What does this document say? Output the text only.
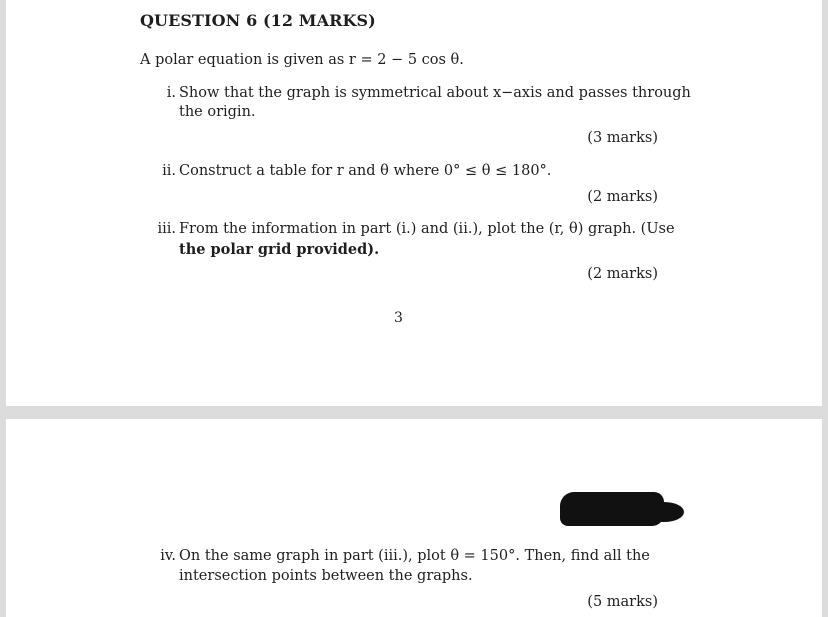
QUESTION 6 (12 MARKS)
A polar equation is given as r = 2 − 5 cos θ.
i. Show that the graph is symmetrical about x−axis and passes through
the origin.
(3 marks)
ii. Construct a table for r and θ where 0° ≤ θ ≤ 180°.
(2 marks)
iii. From the information in part (i.) and (ii.), plot the (r, θ) graph. (Use
the polar grid provided).
(2 marks)
3
iv. On the same graph in part (iii.), plot θ = 150°. Then, find all the
intersection points between the graphs.
(5 marks)
